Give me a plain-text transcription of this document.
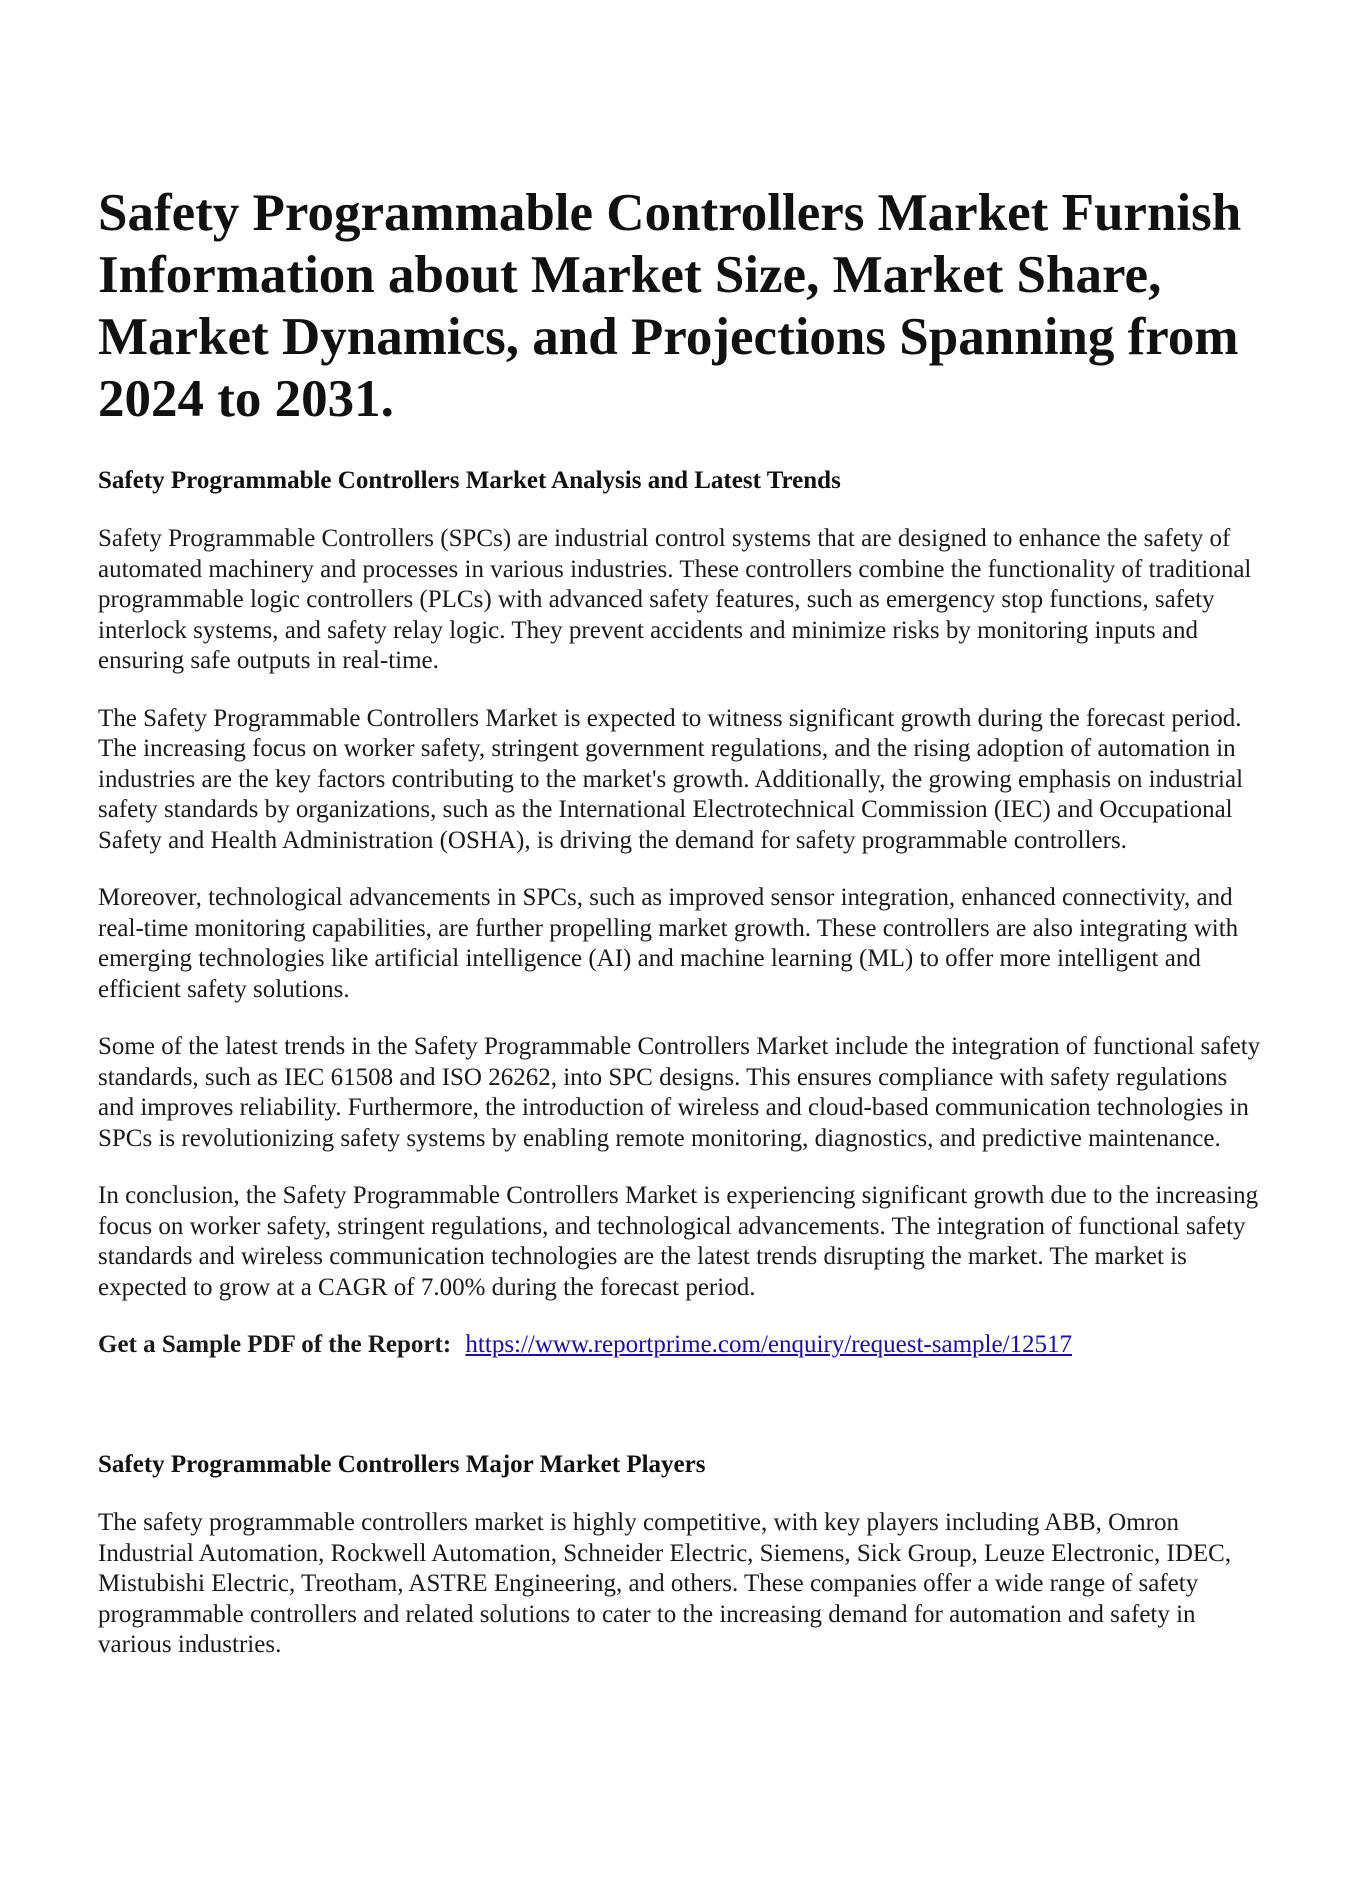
Safety Programmable Controllers Market Furnish Information about Market Size, Market Share, Market Dynamics, and Projections Spanning from 2024 to 2031.
Safety Programmable Controllers Market Analysis and Latest Trends

Safety Programmable Controllers (SPCs) are industrial control systems that are designed to enhance the safety of automated machinery and processes in various industries. These controllers combine the functionality of traditional programmable logic controllers (PLCs) with advanced safety features, such as emergency stop functions, safety interlock systems, and safety relay logic. They prevent accidents and minimize risks by monitoring inputs and ensuring safe outputs in real-time.

The Safety Programmable Controllers Market is expected to witness significant growth during the forecast period. The increasing focus on worker safety, stringent government regulations, and the rising adoption of automation in industries are the key factors contributing to the market's growth. Additionally, the growing emphasis on industrial safety standards by organizations, such as the International Electrotechnical Commission (IEC) and Occupational Safety and Health Administration (OSHA), is driving the demand for safety programmable controllers.

Moreover, technological advancements in SPCs, such as improved sensor integration, enhanced connectivity, and real-time monitoring capabilities, are further propelling market growth. These controllers are also integrating with emerging technologies like artificial intelligence (AI) and machine learning (ML) to offer more intelligent and efficient safety solutions.

Some of the latest trends in the Safety Programmable Controllers Market include the integration of functional safety standards, such as IEC 61508 and ISO 26262, into SPC designs. This ensures compliance with safety regulations and improves reliability. Furthermore, the introduction of wireless and cloud-based communication technologies in SPCs is revolutionizing safety systems by enabling remote monitoring, diagnostics, and predictive maintenance.

In conclusion, the Safety Programmable Controllers Market is experiencing significant growth due to the increasing focus on worker safety, stringent regulations, and technological advancements. The integration of functional safety standards and wireless communication technologies are the latest trends disrupting the market. The market is expected to grow at a CAGR of 7.00% during the forecast period.

Get a Sample PDF of the Report: https://www.reportprime.com/enquiry/request-sample/12517
Safety Programmable Controllers Major Market Players

The safety programmable controllers market is highly competitive, with key players including ABB, Omron Industrial Automation, Rockwell Automation, Schneider Electric, Siemens, Sick Group, Leuze Electronic, IDEC, Mistubishi Electric, Treotham, ASTRE Engineering, and others. These companies offer a wide range of safety programmable controllers and related solutions to cater to the increasing demand for automation and safety in various industries.
